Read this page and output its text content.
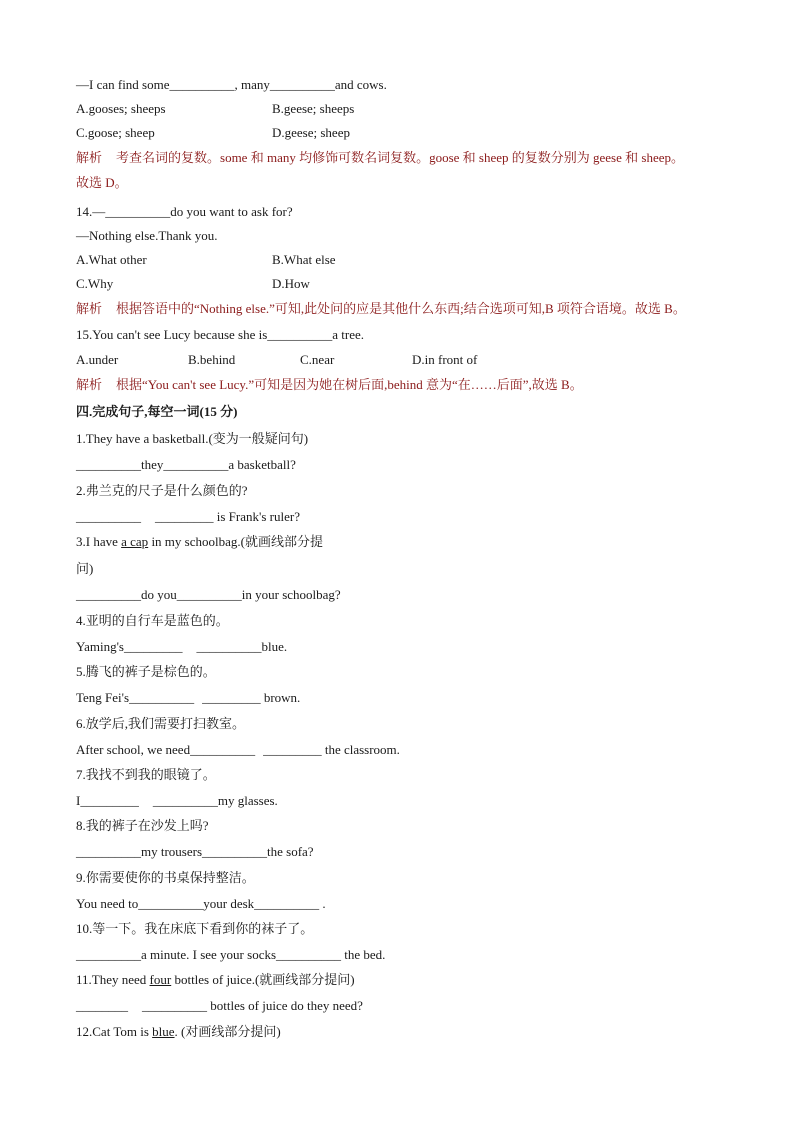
—I can find some__________, many__________and cows.
A.gooses; sheeps	B.geese; sheeps
C.goose; sheep	D.geese; sheep
解析 考查名词的复数。some 和 many 均修饰可数名词复数。goose 和 sheep 的复数分别为 geese 和 sheep。
故选 D。
14.—__________do you want to ask for?
—Nothing else.Thank you.
A.What other	B.What else
C.Why	D.How
解析 根据答语中的“Nothing else.”可知,此处问的应是其他什么东西;结合选项可知,B 项符合语境。故选 B。
15.You can't see Lucy because she is__________a tree.
A.under	B.behind	C.near	D.in front of
解析 根据“You can't see Lucy.”可知是因为她在树后面,behind 意为“在……后面”,故选 B。
四.完成句子,每空一词(15 分)
1.They have a basketball.(变为一般疑问句)
__________they__________a basketball?
2.弗兰克的尺子是什么颜色的?
__________ _________ is Frank's ruler?
3.I have a cap in my schoolbag.(就画线部分提
问)
__________do you__________in your schoolbag?
4.亚明的自行车是蓝色的。
Yaming's_________ __________blue.
5.腾飞的裤子是棕色的。
Teng Fei's__________ _________ brown.
6.放学后,我们需要打扫教室。
After school, we need__________ _________ the classroom.
7.我找不到我的眼镜了。
I_________ __________my glasses.
8.我的裤子在沙发上吗?
__________my trousers__________the sofa?
9.你需要使你的书桌保持整洁。
You need to__________your desk__________ .
10.等一下。我在床底下看到你的袜子了。
__________a minute. I see your socks__________ the bed.
11.They need four bottles of juice.(就画线部分提问)
________ __________ bottles of juice do they need?
12.Cat Tom is blue. (对画线部分提问)
